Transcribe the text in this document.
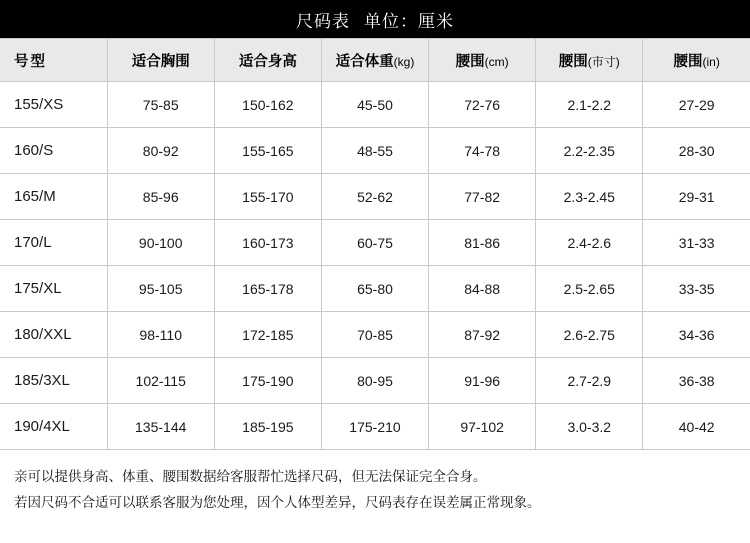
尺码表 单位：厘米
号型	适合胸围	适合身高	适合体重(kg)	腰围(cm)	腰围(市寸)	腰围(in)
155/XS	75-85	150-162	45-50	72-76	2.1-2.2	27-29
160/S	80-92	155-165	48-55	74-78	2.2-2.35	28-30
165/M	85-96	155-170	52-62	77-82	2.3-2.45	29-31
170/L	90-100	160-173	60-75	81-86	2.4-2.6	31-33
175/XL	95-105	165-178	65-80	84-88	2.5-2.65	33-35
180/XXL	98-110	172-185	70-85	87-92	2.6-2.75	34-36
185/3XL	102-115	175-190	80-95	91-96	2.7-2.9	36-38
190/4XL	135-144	185-195	175-210	97-102	3.0-3.2	40-42
亲可以提供身高、体重、腰围数据给客服帮忙选择尺码，但无法保证完全合身。
若因尺码不合适可以联系客服为您处理，因个人体型差异，尺码表存在误差属正常现象。
